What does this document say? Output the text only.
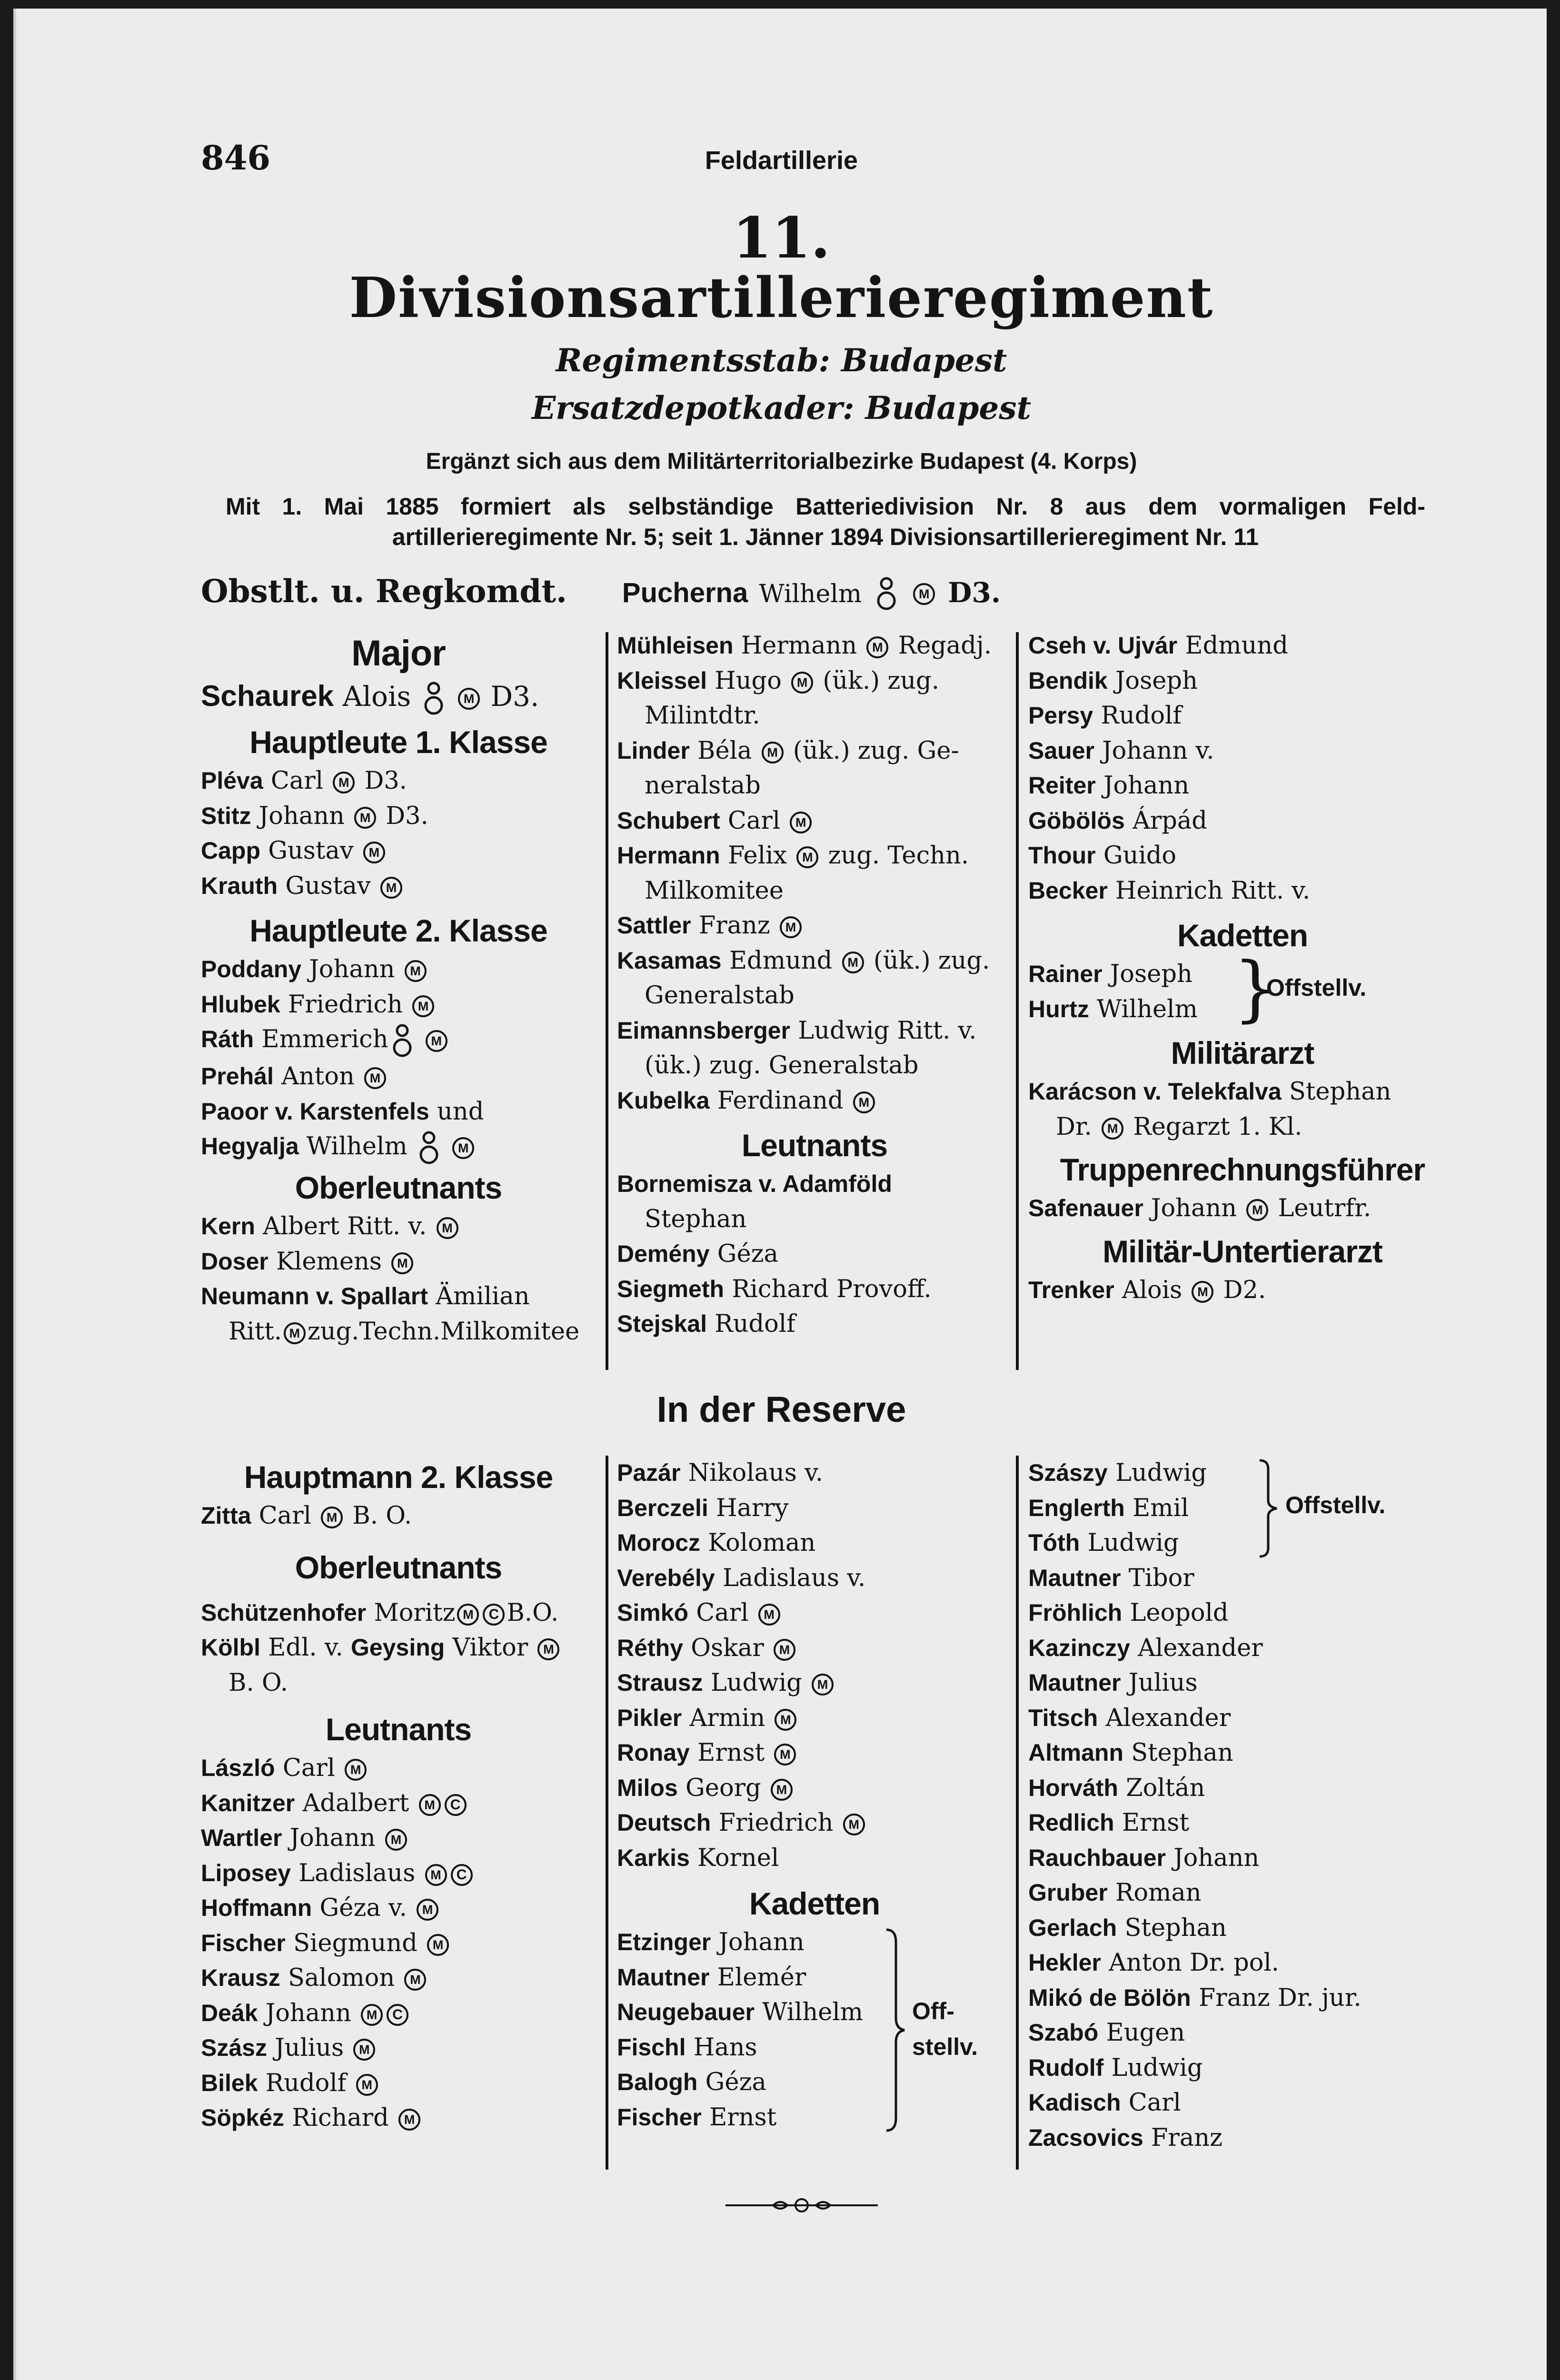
846	Feldartillerie
11.
Divisionsartillerieregiment
Regimentsstab: Budapest
Ersatzdepotkader: Budapest
Ergänzt sich aus dem Militärterritorialbezirke Budapest (4. Korps)
Mit 1. Mai 1885 formiert als selbständige Batteriedivision Nr. 8 aus dem vormaligen Feld-
artillerieregimente Nr. 5; seit 1. Jänner 1894 Divisionsartillerieregiment Nr. 11
Obstlt. u. Regkomdt. Pucherna Wilhelm	M D3.
Major
Schaurek Alois	M D3.
Hauptleute 1. Klasse
Pléva Carl M D3.
Stitz Johann M D3.
Capp Gustav M
Krauth Gustav M
Hauptleute 2. Klasse
Poddany Johann M
Hlubek Friedrich M
Ráth Emmerich	M
Prehál Anton M
Paoor v. Karstenfels und
Hegyalja Wilhelm	M
Oberleutnants
Kern Albert Ritt. v. M
Doser Klemens M
Neumann v. Spallart Ämilian
Ritt. M zug.Techn.Milkomitee
Mühleisen Hermann M Regadj.
Kleissel Hugo M (ük.) zug.
Milintdtr.
Linder Béla M (ük.) zug. Ge-
neralstab
Schubert Carl M
Hermann Felix M zug. Techn.
Milkomitee
Sattler Franz M
Kasamas Edmund M (ük.) zug.
Generalstab
Eimannsberger Ludwig Ritt. v.
(ük.) zug. Generalstab
Kubelka Ferdinand M
Leutnants
Bornemisza v. Adamföld
Stephan
Demény Géza
Siegmeth Richard Provoff.
Stejskal Rudolf
Cseh v. Ujvár Edmund
Bendik Joseph
Persy Rudolf
Sauer Johann v.
Reiter Johann
Göbölös Árpád
Thour Guido
Becker Heinrich Ritt. v.
Kadetten
Rainer Joseph
Hurtz Wilhelm }
Offstellv.
Militärarzt
Karácson v. Telekfalva Stephan
Dr. M Regarzt 1. Kl.
Truppenrechnungsführer
Safenauer Johann M Leutrfr.
Militär-Untertierarzt
Trenker Alois M D2.
In der Reserve
Hauptmann 2. Klasse
Zitta Carl M B. O.
Oberleutnants
Schützenhofer Moritz M C B.O.
Kölbl Edl. v. Geysing Viktor M
B. O.
Leutnants
László Carl M
Kanitzer Adalbert M C
Wartler Johann M
Liposey Ladislaus M C
Hoffmann Géza v. M
Fischer Siegmund M
Krausz Salomon M
Deák Johann M C
Szász Julius M
Bilek Rudolf M
Söpkéz Richard M
Pazár Nikolaus v.
Berczeli Harry
Morocz Koloman
Verebély Ladislaus v.
Simkó Carl M
Réthy Oskar M
Strausz Ludwig M
Pikler Armin M
Ronay Ernst M
Milos Georg M
Deutsch Friedrich M
Karkis Kornel
Kadetten
Etzinger Johann
Mautner Elemér
Neugebauer Wilhelm
Fischl Hans
Balogh Géza
Fischer Ernst
Off-
stellv.
Szászy Ludwig
Englerth Emil
Tóth Ludwig
Mautner Tibor
Fröhlich Leopold
Kazinczy Alexander
Mautner Julius
Titsch Alexander
Altmann Stephan
Horváth Zoltán
Redlich Ernst
Rauchbauer Johann
Gruber Roman
Gerlach Stephan
Hekler Anton Dr. pol.
Mikó de Bölön Franz Dr. jur.
Szabó Eugen
Rudolf Ludwig
Kadisch Carl
Zacsovics Franz
Offstellv.
